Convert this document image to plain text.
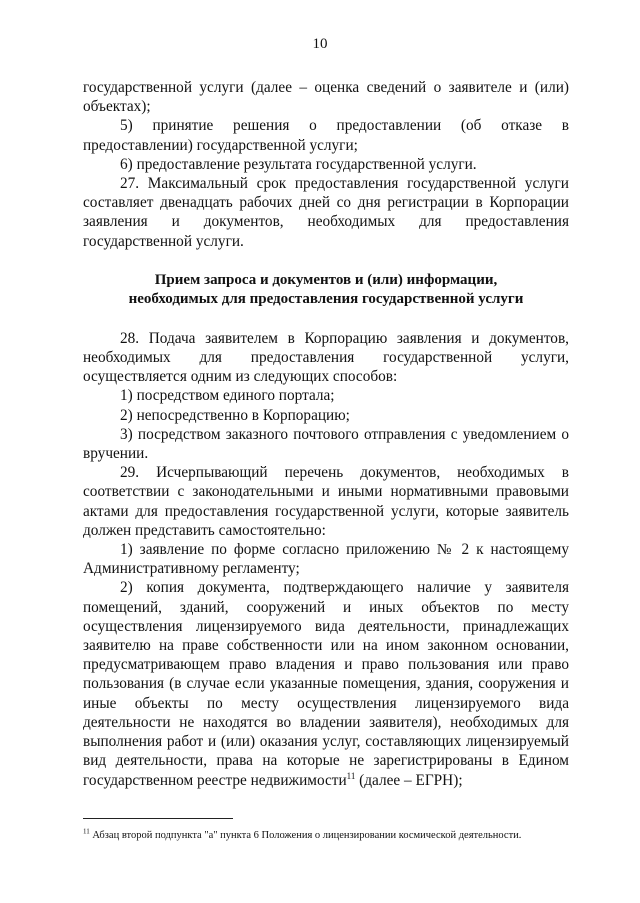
10

государственной услуги (далее – оценка сведений о заявителе и (или) объектах);

5) принятие решения о предоставлении (об отказе в предоставлении) государственной услуги;

6) предоставление результата государственной услуги.

27. Максимальный срок предоставления государственной услуги составляет двенадцать рабочих дней со дня регистрации в Корпорации заявления и документов, необходимых для предоставления государственной услуги.

Прием запроса и документов и (или) информации,

необходимых для предоставления государственной услуги

28. Подача заявителем в Корпорацию заявления и документов, необходимых для предоставления государственной услуги, осуществляется одним из следующих способов:

1) посредством единого портала;

2) непосредственно в Корпорацию;

3) посредством заказного почтового отправления с уведомлением о вручении.

29. Исчерпывающий перечень документов, необходимых в соответствии с законодательными и иными нормативными правовыми актами для предоставления государственной услуги, которые заявитель должен представить самостоятельно:

1) заявление по форме согласно приложению № 2 к настоящему Административному регламенту;

2) копия документа, подтверждающего наличие у заявителя помещений, зданий, сооружений и иных объектов по месту осуществления лицензируемого вида деятельности, принадлежащих заявителю на праве собственности или на ином законном основании, предусматривающем право владения и право пользования или право пользования (в случае если указанные помещения, здания, сооружения и иные объекты по месту осуществления лицензируемого вида деятельности не находятся во владении заявителя), необходимых для выполнения работ и (или) оказания услуг, составляющих лицензируемый вид деятельности, права на которые не зарегистрированы в Едином государственном реестре недвижимости$^{11}$ (далее – ЕГРН);

$^{11}$ Абзац второй подпункта "а" пункта 6 Положения о лицензировании космической деятельности.
